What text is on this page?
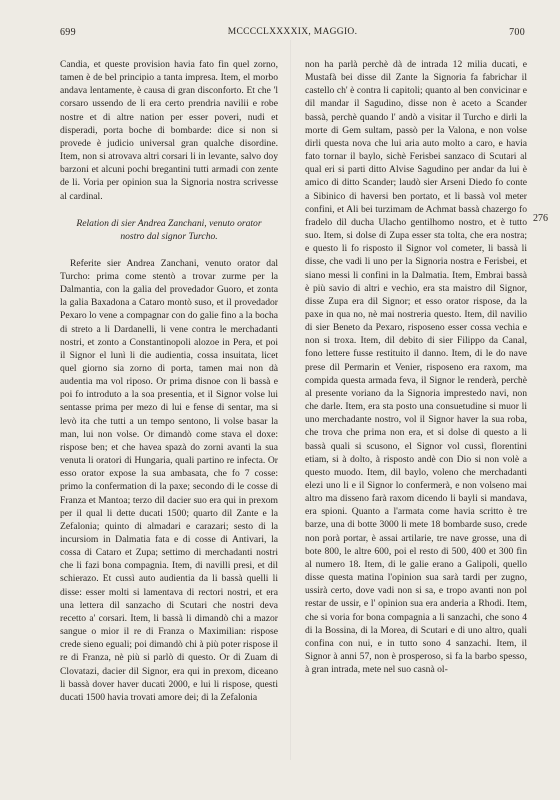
699	MCCCCLXXXXIX, MAGGIO.	700

Candia, et queste provision havia fato fin quel zorno, tamen è de bel principio a tanta impresa. Item, el morbo andava lentamente, è causa di gran disconforto. Et che 'l corsaro ussendo de li era certo prendria navilii e robe nostre et di altre nation per esser poveri, nudi et disperadi, porta boche di bombarde: dice si non si provede è judicio universal gran qualche disordine. Item, non si atrovava altri corsari li in levante, salvo doy barzoni et alcuni pochi bregantini tutti armadi con zente de li. Voria per opinion sua la Signoria nostra scrivesse al cardinal.

Relation di sier Andrea Zanchani, venuto orator nostro dal signor Turcho.

Referite sier Andrea Zanchani, venuto orator dal Turcho: prima come stentò a trovar zurme per la Dalmantia, con la galia del provedador Guoro, et zonta la galia Baxadona a Cataro montò suso, et il provedador Pexaro lo vene a compagnar con do galie fino a la bocha di streto a li Dardanelli, li vene contra le merchadanti nostri, et zonto a Constantinopoli alozoe in Pera, et poi il Signor el lunì li die audientia, cossa insuitata, licet quel giorno sia zorno di porta, tamen mai non dà audentia ma vol riposo. Or prima disnoe con li bassà e poi fo introduto a la soa presentia, et il Signor volse lui sentasse prima per mezo di lui e fense di sentar, ma si levò ita che tutti a un tempo sentono, li volse basar la man, lui non volse. Or dimandò come stava el doxe: rispose ben; et che havea spazà do zorni avanti la sua venuta li oratori di Hungaria, quali partino re infecta. Or esso orator expose la sua ambasata, che fo 7 cosse: primo la confermation di la paxe; secondo di le cosse di Franza et Mantoa; terzo dil dacier suo era qui in prexom per il qual li dette ducati 1500; quarto dil Zante e la Zefalonia; quinto di almadari e carazari; sesto di la incursiom in Dalmatia fata e di cosse di Antivari, la cossa di Cataro et Zupa; settimo di merchadanti nostri che li fazi bona compagnia. Item, di navilli presi, et dil schierazo. Et cussì auto audientia da li bassà quelli li disse: esser molti si lamentava di rectori nostri, et era una lettera dil sanzacho di Scutari che nostri deva recetto a' corsari. Item, li bassà li dimandò chi a mazor sangue o mior il re di Franza o Maximilian: rispose crede sieno eguali; poi dimandò chi à più poter rispose il re di Franza, nè più si parlò di questo. Or di Zuam di Clovatazi, dacier dil Signor, era qui in prexom, diceano li bassà dover haver ducati 2000, e lui li rispose, questi ducati 1500 havia trovati amore dei; di la Zefalonia

non ha parlà perchè dà de intrada 12 milia ducati, e Mustafà bei disse dil Zante la Signoria fa fabrichar il castello ch' è contra li capitoli; quanto al ben convicinar e dil mandar il Sagudino, disse non è aceto a Scander bassà, perchè quando l' andò a visitar il Turcho e dirli la morte di Gem sultam, passò per la Valona, e non volse dirli questa nova che lui aria auto molto a caro, e havia fato tornar il baylo, sichè Ferisbei sanzaco di Scutari al qual eri si parti ditto Alvise Sagudino per andar da lui è amico di ditto Scander; laudò sier Arseni Diedo fo conte a Sibinico di haversi ben portato, et li bassà vol meter confini, et Ali bei turzimam de Achmat bassà chazergo fo fradelo dil ducha Ulacho gentilhomo nostro, et è tutto suo. Item, si dolse di Zupa esser sta tolta, che era nostra; e questo li fo risposto il Signor vol cometer, li bassà li disse, che vadi li uno per la Signoria nostra e Ferisbei, et siano messi li confini in la Dalmatia. Item, Embrai bassà è più savio di altri e vechio, era sta maistro dil Signor, disse Zupa era dil Signor; et esso orator rispose, da la paxe in qua no, nè mai nostreria questo. Item, dil navilio di sier Beneto da Pexaro, risposeno esser cossa vechia e non si troxa. Item, dil debito di sier Filippo da Canal, fono lettere fusse restituito il danno. Item, di le do nave prese dil Permarin et Venier, risposeno era raxom, ma compida questa armada feva, il Signor le renderà, perchè al presente voriano da la Signoria imprestedo navi, non che darle. Item, era sta posto una consuetudine si muor li uno merchadante nostro, vol il Signor haver la sua roba, che trova che prima non era, et si dolse di questo a li bassà quali si scusono, el Signor vol cussì, florentini etiam, si à dolto, à risposto andè con Dio si non volè a questo muodo. Item, dil baylo, voleno che merchadanti elezi uno li e il Signor lo confermerà, e non volseno mai altro ma disseno farà raxom dicendo li bayli si mandava, era spioni. Quanto a l'armata come havia scritto è tre barze, una di botte 3000 li mete 18 bombarde suso, crede non porà portar, è assai artilarie, tre nave grosse, una di bote 800, le altre 600, poi el resto di 500, 400 et 300 fin al numero 18. Item, di le galie erano a Galipoli, quello disse questa matina l'opinion sua sarà tardi per zugno, ussirà certo, dove vadi non si sa, e tropo avanti non pol restar de ussir, e l' opinion sua era anderia a Rhodi. Item, che si voria for bona compagnia a li sanzachi, che sono 4 di la Bossina, di la Morea, di Scutari e di uno altro, quali confina con nui, e in tutto sono 4 sanzachi. Item, il Signor à anni 57, non è prosperoso, si fa la barbo spesso, à gran intrada, mete nel suo casnà ol-

276
